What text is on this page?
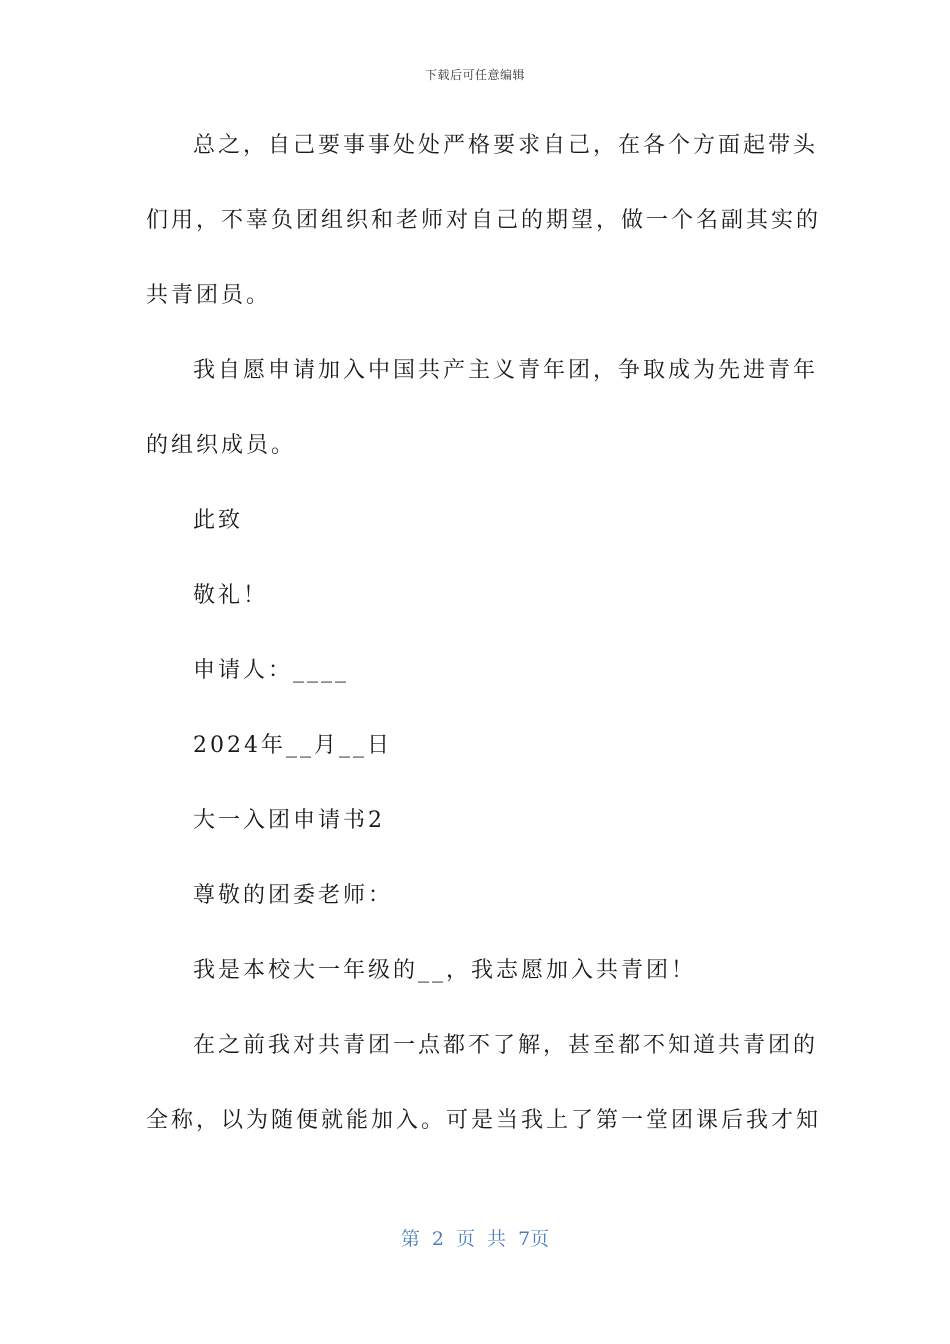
下载后可任意编辑
总之，自己要事事处处严格要求自己，在各个方面起带头
们用，不辜负团组织和老师对自己的期望，做一个名副其实的
共青团员。
我自愿申请加入中国共产主义青年团，争取成为先进青年
的组织成员。
此致
敬礼！
申请人：____
2024年__月__日
大一入团申请书2
尊敬的团委老师：
我是本校大一年级的__，我志愿加入共青团！
在之前我对共青团一点都不了解，甚至都不知道共青团的
全称，以为随便就能加入。可是当我上了第一堂团课后我才知
第 2 页 共 7页
